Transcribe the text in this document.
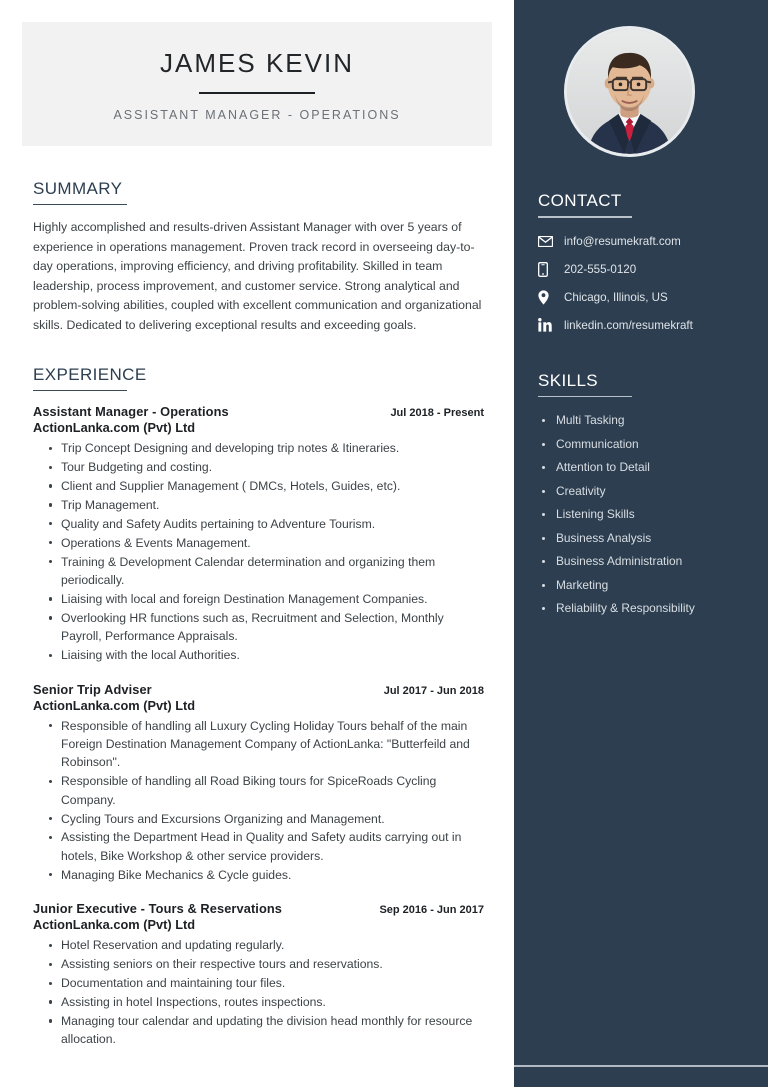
JAMES KEVIN
ASSISTANT MANAGER - OPERATIONS
SUMMARY

Highly accomplished and results-driven Assistant Manager with over 5 years of experience in operations management. Proven track record in overseeing day-to-day operations, improving efficiency, and driving profitability. Skilled in team leadership, process improvement, and customer service. Strong analytical and problem-solving abilities, coupled with excellent communication and organizational skills. Dedicated to delivering exceptional results and exceeding goals.

EXPERIENCE
Assistant Manager - Operations	Jul 2018 - Present
ActionLanka.com (Pvt) Ltd
Trip Concept Designing and developing trip notes & Itineraries.
Tour Budgeting and costing.
Client and Supplier Management ( DMCs, Hotels, Guides, etc).
Trip Management.
Quality and Safety Audits pertaining to Adventure Tourism.
Operations & Events Management.
Training & Development Calendar determination and organizing them periodically.
Liaising with local and foreign Destination Management Companies.
Overlooking HR functions such as, Recruitment and Selection, Monthly Payroll, Performance Appraisals.
Liaising with the local Authorities.
Senior Trip Adviser	Jul 2017 - Jun 2018
ActionLanka.com (Pvt) Ltd
Responsible of handling all Luxury Cycling Holiday Tours behalf of the main Foreign Destination Management Company of ActionLanka: "Butterfeild and Robinson".
Responsible of handling all Road Biking tours for SpiceRoads Cycling Company.
Cycling Tours and Excursions Organizing and Management.
Assisting the Department Head in Quality and Safety audits carrying out in hotels, Bike Workshop & other service providers.
Managing Bike Mechanics & Cycle guides.
Junior Executive - Tours & Reservations	Sep 2016 - Jun 2017
ActionLanka.com (Pvt) Ltd
Hotel Reservation and updating regularly.
Assisting seniors on their respective tours and reservations.
Documentation and maintaining tour files.
Assisting in hotel Inspections, routes inspections.
Managing tour calendar and updating the division head monthly for resource allocation.
CONTACT
info@resumekraft.com
202-555-0120
Chicago, Illinois, US
linkedin.com/resumekraft
SKILLS
Multi Tasking
Communication
Attention to Detail
Creativity
Listening Skills
Business Analysis
Business Administration
Marketing
Reliability & Responsibility
